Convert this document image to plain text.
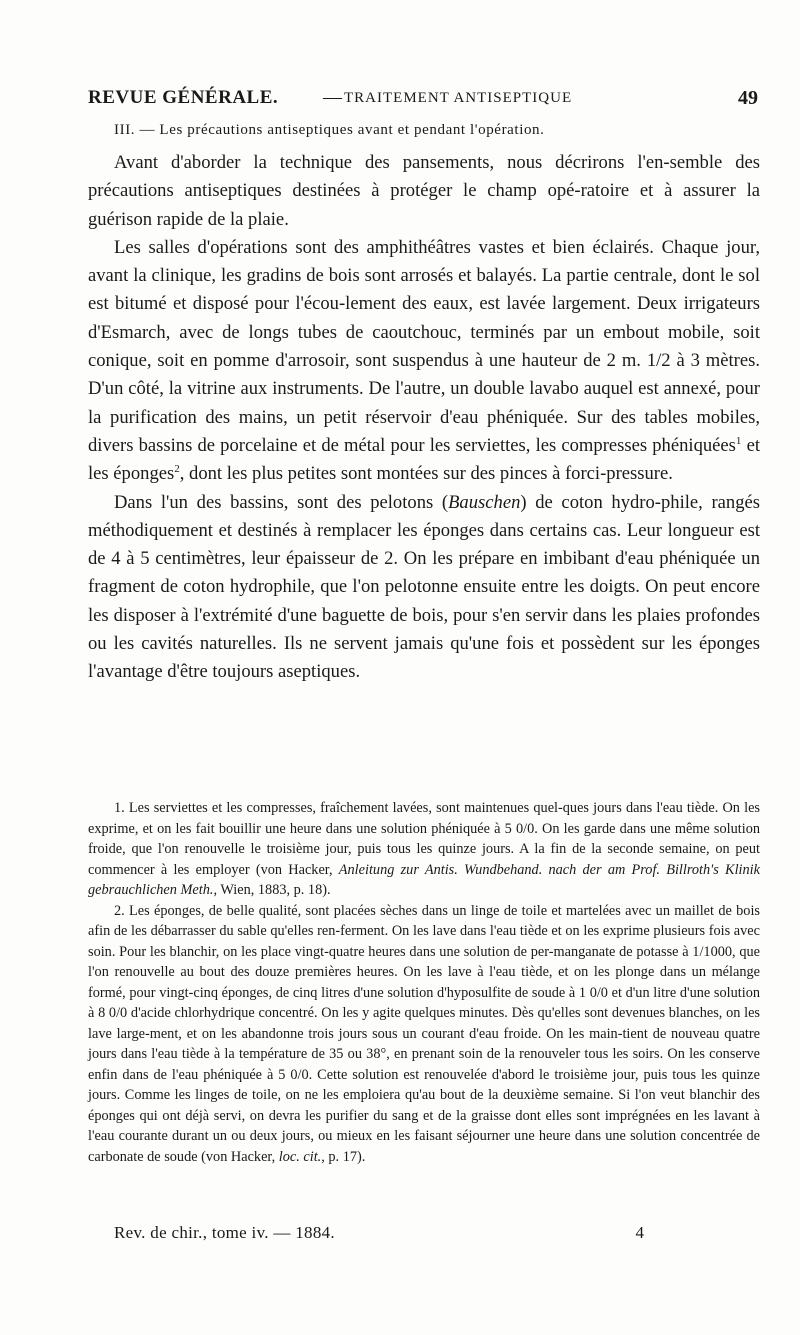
REVUE GÉNÉRALE. — TRAITEMENT ANTISEPTIQUE	49
III. — Les précautions antiseptiques avant et pendant l'opération.

Avant d'aborder la technique des pansements, nous décrirons l'en-semble des précautions antiseptiques destinées à protéger le champ opé-ratoire et à assurer la guérison rapide de la plaie.

Les salles d'opérations sont des amphithéâtres vastes et bien éclairés. Chaque jour, avant la clinique, les gradins de bois sont arrosés et balayés. La partie centrale, dont le sol est bitumé et disposé pour l'écou-lement des eaux, est lavée largement. Deux irrigateurs d'Esmarch, avec de longs tubes de caoutchouc, terminés par un embout mobile, soit conique, soit en pomme d'arrosoir, sont suspendus à une hauteur de 2 m. 1/2 à 3 mètres. D'un côté, la vitrine aux instruments. De l'autre, un double lavabo auquel est annexé, pour la purification des mains, un petit réservoir d'eau phéniquée. Sur des tables mobiles, divers bassins de porcelaine et de métal pour les serviettes, les compresses phéniquées$^1$ et les éponges$^2$, dont les plus petites sont montées sur des pinces à forci-pressure.

Dans l'un des bassins, sont des pelotons (Bauschen) de coton hydro-phile, rangés méthodiquement et destinés à remplacer les éponges dans certains cas. Leur longueur est de 4 à 5 centimètres, leur épaisseur de 2. On les prépare en imbibant d'eau phéniquée un fragment de coton hydrophile, que l'on pelotonne ensuite entre les doigts. On peut encore les disposer à l'extrémité d'une baguette de bois, pour s'en servir dans les plaies profondes ou les cavités naturelles. Ils ne servent jamais qu'une fois et possèdent sur les éponges l'avantage d'être toujours aseptiques.

1. Les serviettes et les compresses, fraîchement lavées, sont maintenues quel-ques jours dans l'eau tiède. On les exprime, et on les fait bouillir une heure dans une solution phéniquée à 5 0/0. On les garde dans une même solution froide, que l'on renouvelle le troisième jour, puis tous les quinze jours. A la fin de la seconde semaine, on peut commencer à les employer (von Hacker, Anleitung zur Antis. Wundbehand. nach der am Prof. Billroth's Klinik gebrauchlichen Meth., Wien, 1883, p. 18).

2. Les éponges, de belle qualité, sont placées sèches dans un linge de toile et martelées avec un maillet de bois afin de les débarrasser du sable qu'elles ren-ferment. On les lave dans l'eau tiède et on les exprime plusieurs fois avec soin. Pour les blanchir, on les place vingt-quatre heures dans une solution de per-manganate de potasse à 1/1000, que l'on renouvelle au bout des douze premières heures. On les lave à l'eau tiède, et on les plonge dans un mélange formé, pour vingt-cinq éponges, de cinq litres d'une solution d'hyposulfite de soude à 1 0/0 et d'un litre d'une solution à 8 0/0 d'acide chlorhydrique concentré. On les y agite quelques minutes. Dès qu'elles sont devenues blanches, on les lave large-ment, et on les abandonne trois jours sous un courant d'eau froide. On les main-tient de nouveau quatre jours dans l'eau tiède à la température de 35 ou 38°, en prenant soin de la renouveler tous les soirs. On les conserve enfin dans de l'eau phéniquée à 5 0/0. Cette solution est renouvelée d'abord le troisième jour, puis tous les quinze jours. Comme les linges de toile, on ne les emploiera qu'au bout de la deuxième semaine. Si l'on veut blanchir des éponges qui ont déjà servi, on devra les purifier du sang et de la graisse dont elles sont imprégnées en les lavant à l'eau courante durant un ou deux jours, ou mieux en les faisant séjourner une heure dans une solution concentrée de carbonate de soude (von Hacker, loc. cit., p. 17).

Rev. de chir., tome iv. — 1884.	4
